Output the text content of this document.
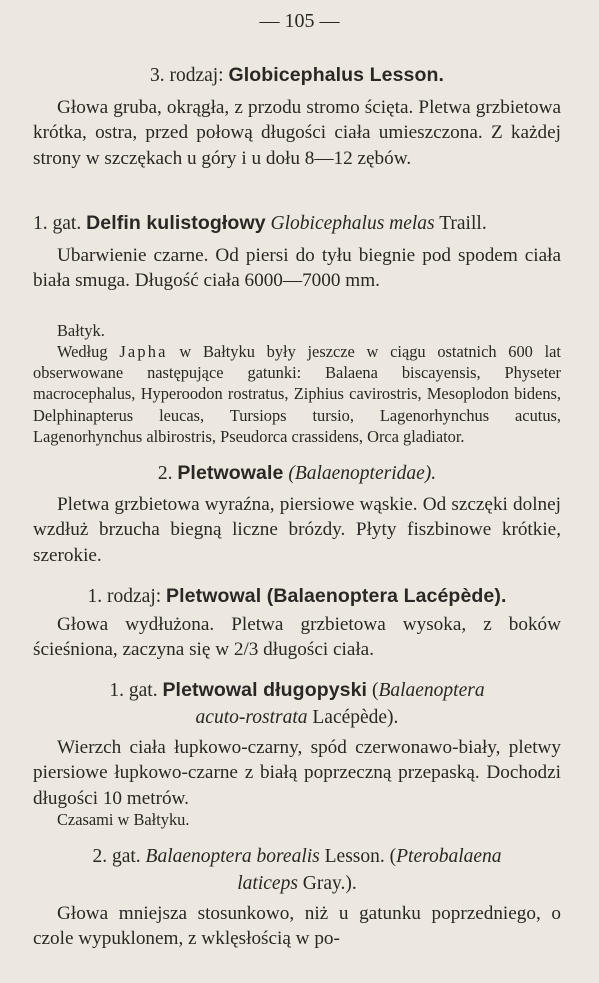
— 105 —
3. rodzaj: Globicephalus Lesson.

Głowa gruba, okrągła, z przodu stromo ścięta. Pletwa grzbietowa krótka, ostra, przed połową długości ciała umieszczona. Z każdej strony w szczękach u góry i u dołu 8—12 zębów.

1. gat. Delfin kulistogłowy Globicephalus melas Traill.

Ubarwienie czarne. Od piersi do tyłu biegnie pod spodem ciała biała smuga. Długość ciała 6000—7000 mm.

Bałtyk.

Według Japha w Bałtyku były jeszcze w ciągu ostatnich 600 lat obserwowane następujące gatunki: Balaena biscayensis, Physeter macrocephalus, Hyperoodon rostratus, Ziphius cavirostris, Mesoplodon bidens, Delphinapterus leucas, Tursiops tursio, Lagenorhynchus acutus, Lagenorhynchus albirostris, Pseudorca crassidens, Orca gladiator.

2. Pletwowale (Balaenopteridae).

Pletwa grzbietowa wyraźna, piersiowe wąskie. Od szczęki dolnej wzdłuż brzucha biegną liczne brózdy. Płyty fiszbinowe krótkie, szerokie.

1. rodzaj: Pletwowal (Balaenoptera Lacépède).

Głowa wydłużona. Pletwa grzbietowa wysoka, z boków ścieśniona, zaczyna się w 2/3 długości ciała.

1. gat. Pletwowal długopyski (Balaenoptera
acuto-rostrata Lacépède).

Wierzch ciała łupkowo-czarny, spód czerwonawo-biały, pletwy piersiowe łupkowo-czarne z białą poprzeczną przepaską. Dochodzi długości 10 metrów.

Czasami w Bałtyku.

2. gat. Balaenoptera borealis Lesson. (Pterobalaena
laticeps Gray.).

Głowa mniejsza stosunkowo, niż u gatunku poprzedniego, o czole wypuklonem, z wklęsłością w po-
